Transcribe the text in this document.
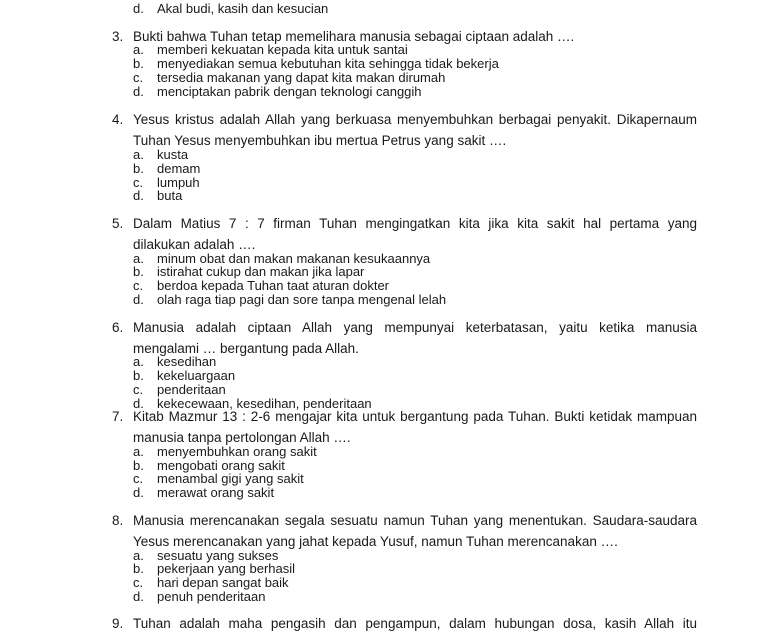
d. Akal budi, kasih dan kesucian
3. Bukti bahwa Tuhan tetap memelihara manusia sebagai ciptaan adalah ….
a. memberi kekuatan kepada kita untuk santai
b. menyediakan semua kebutuhan kita sehingga tidak bekerja
c. tersedia makanan yang dapat kita makan dirumah
d. menciptakan pabrik dengan teknologi canggih
4. Yesus kristus adalah Allah yang berkuasa menyembuhkan berbagai penyakit. Dikapernaum
Tuhan Yesus menyembuhkan ibu mertua Petrus yang sakit ….
a. kusta
b. demam
c. lumpuh
d. buta
5. Dalam Matius 7 : 7 firman Tuhan mengingatkan kita jika kita sakit hal pertama yang
dilakukan adalah ….
a. minum obat dan makan makanan kesukaannya
b. istirahat cukup dan makan jika lapar
c. berdoa kepada Tuhan taat aturan dokter
d. olah raga tiap pagi dan sore tanpa mengenal lelah
6. Manusia adalah ciptaan Allah yang mempunyai keterbatasan, yaitu ketika manusia
mengalami … bergantung pada Allah.
a. kesedihan
b. kekeluargaan
c. penderitaan
d. kekecewaan, kesedihan, penderitaan
7. Kitab Mazmur 13 : 2-6 mengajar kita untuk bergantung pada Tuhan. Bukti ketidak mampuan
manusia tanpa pertolongan Allah ….
a. menyembuhkan orang sakit
b. mengobati orang sakit
c. menambal gigi yang sakit
d. merawat orang sakit
8. Manusia merencanakan segala sesuatu namun Tuhan yang menentukan. Saudara-saudara
Yesus merencanakan yang jahat kepada Yusuf, namun Tuhan merencanakan ….
a. sesuatu yang sukses
b. pekerjaan yang berhasil
c. hari depan sangat baik
d. penuh penderitaan
9. Tuhan adalah maha pengasih dan pengampun, dalam hubungan dosa, kasih Allah itu
